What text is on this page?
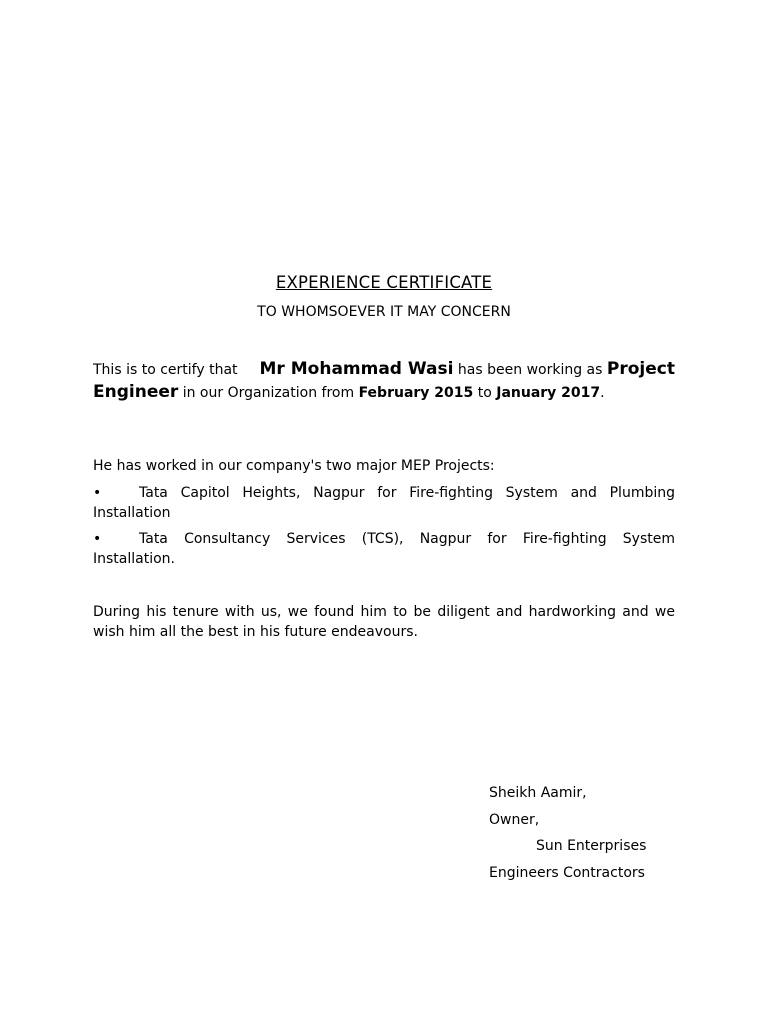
EXPERIENCE CERTIFICATE
TO WHOMSOEVER IT MAY CONCERN
This is to certify that Mr Mohammad Wasi has been working as Project Engineer in our Organization from February 2015 to January 2017.
He has worked in our company's two major MEP Projects:
•	Tata Capitol Heights, Nagpur for Fire-fighting System and Plumbing Installation
•	Tata Consultancy Services (TCS), Nagpur for Fire-fighting System Installation.
During his tenure with us, we found him to be diligent and hardworking and we wish him all the best in his future endeavours.
Sheikh Aamir,
Owner,
Sun Enterprises
Engineers Contractors
